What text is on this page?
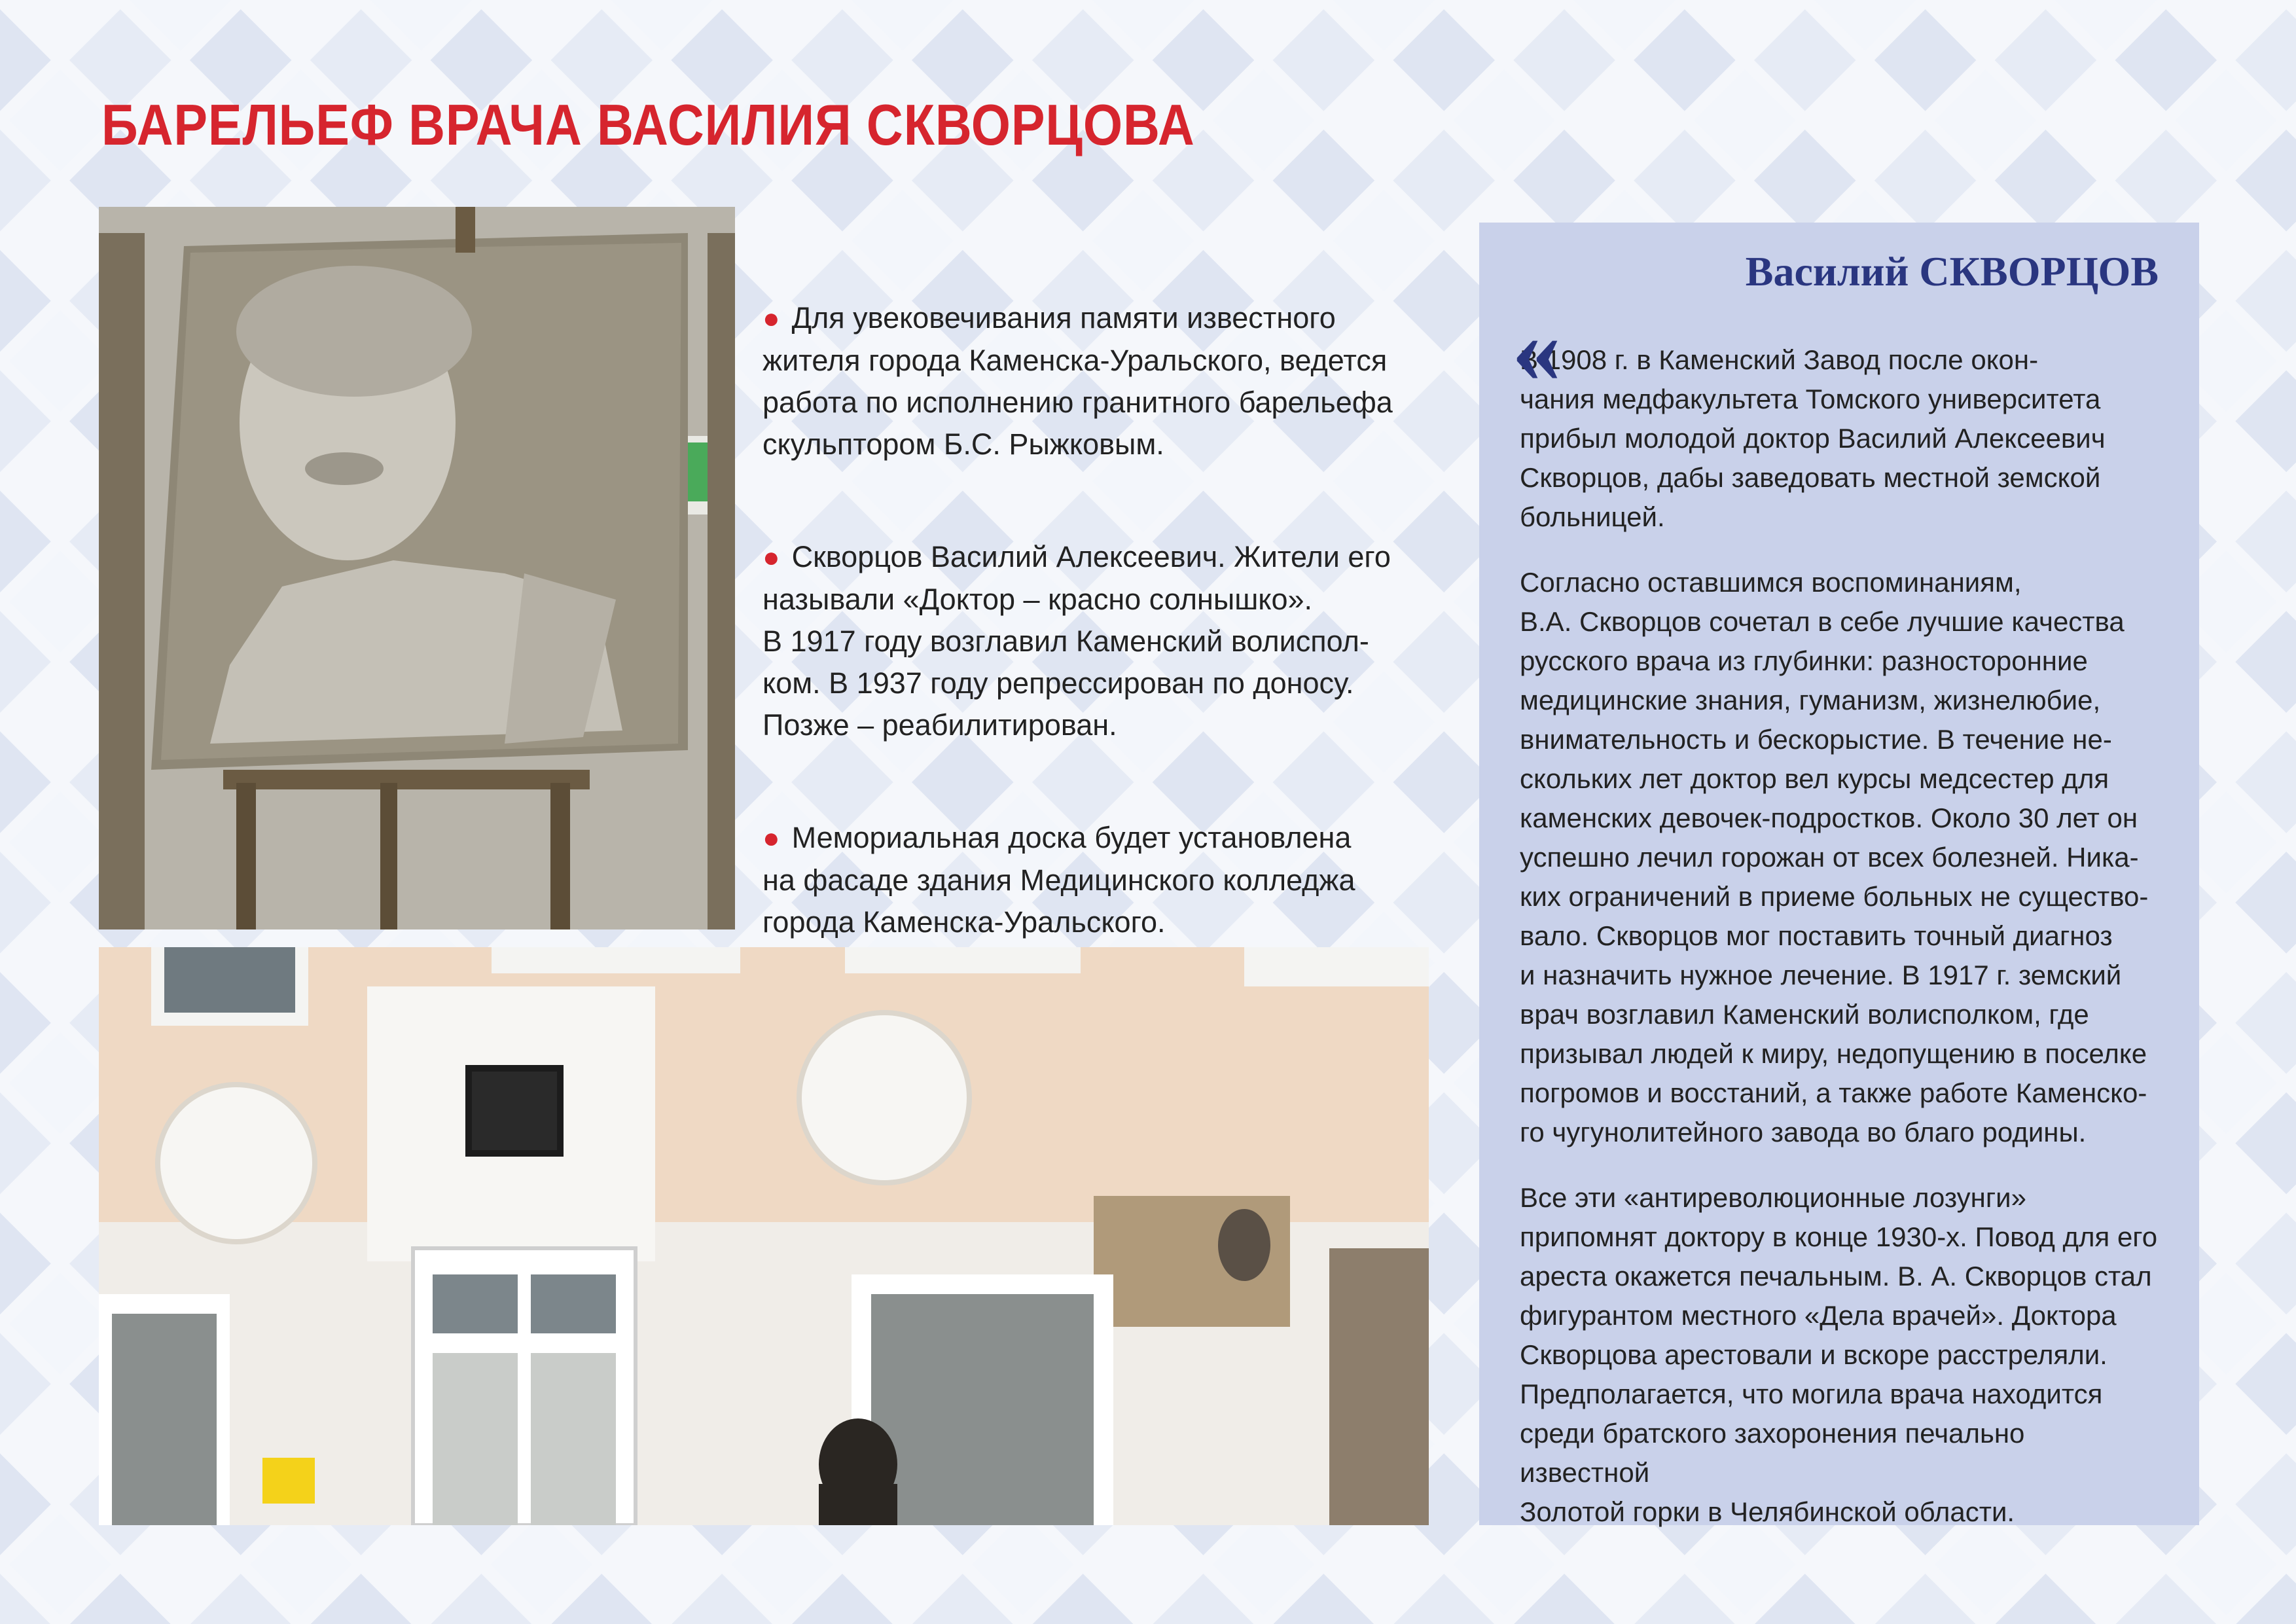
БАРЕЛЬЕФ ВРАЧА ВАСИЛИЯ СКВОРЦОВА

● Для увековечивания памяти известного
жителя города Каменска-Уральского, ведется
работа по исполнению гранитного барельефа
скульптором Б.С. Рыжковым.

● Скворцов Василий Алексеевич. Жители его
называли «Доктор – красно солнышко».
В 1917 году возглавил Каменский волиспол-
ком. В 1937 году репрессирован по доносу.
Позже – реабилитирован.

● Мемориальная доска будет установлена
на фасаде здания Медицинского колледжа
города Каменска-Уральского.

Василий СКВОРЦОВ
«

В 1908 г. в Каменский Завод после окон-
чания медфакультета Томского университета
прибыл молодой доктор Василий Алексеевич
Скворцов, дабы заведовать местной земской
больницей.

Согласно оставшимся воспоминаниям,
В.А. Скворцов сочетал в себе лучшие качества
русского врача из глубинки: разносторонние
медицинские знания, гуманизм, жизнелюбие,
внимательность и бескорыстие. В течение не-
скольких лет доктор вел курсы медсестер для
каменских девочек-подростков. Около 30 лет он
успешно лечил горожан от всех болезней. Ника-
ких ограничений в приеме больных не существо-
вало. Скворцов мог поставить точный диагноз
и назначить нужное лечение. В 1917 г. земский
врач возглавил Каменский волисполком, где
призывал людей к миру, недопущению в поселке
погромов и восстаний, а также работе Каменско-
го чугунолитейного завода во благо родины.

Все эти «антиреволюционные лозунги»
припомнят доктору в конце 1930-х. Повод для его
ареста окажется печальным. В. А. Скворцов стал
фигурантом местного «Дела врачей». Доктора
Скворцова арестовали и вскоре расстреляли.
Предполагается, что могила врача находится
среди братского захоронения печально известной
Золотой горки в Челябинской области.
